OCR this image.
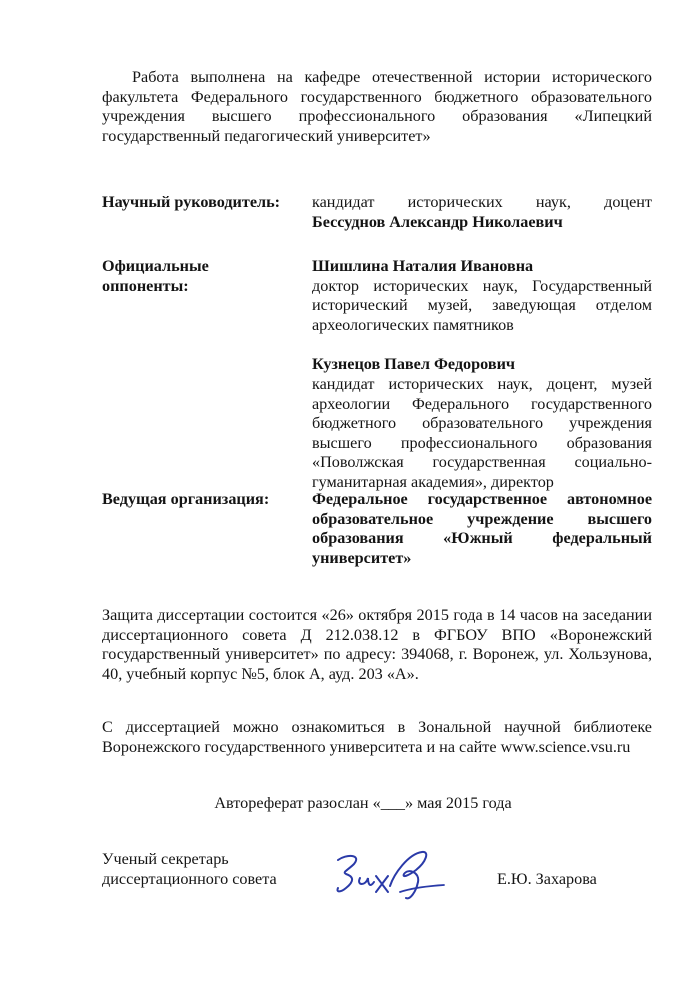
Работа выполнена на кафедре отечественной истории исторического факультета Федерального государственного бюджетного образовательного учреждения высшего профессионального образования «Липецкий государственный педагогический университет»

Научный руководитель: кандидат исторических наук, доцент
Бессуднов Александр Николаевич
Официальные
оппоненты:
Шишлина Наталия Ивановна
доктор исторических наук, Государственный исторический музей, заведующая отделом археологических памятников
Кузнецов Павел Федорович
кандидат исторических наук, доцент, музей археологии Федерального государственного бюджетного образовательного учреждения высшего профессионального образования «Поволжская государственная социально-гуманитарная академия», директор
Ведущая организация:	Федеральное государственное автономное образовательное учреждение высшего образования «Южный федеральный университет»

Защита диссертации состоится «26» октября 2015 года в 14 часов на заседании диссертационного совета Д 212.038.12 в ФГБОУ ВПО «Воронежский государственный университет» по адресу: 394068, г. Воронеж, ул. Хользунова, 40, учебный корпус №5, блок А, ауд. 203 «А».

С диссертацией можно ознакомиться в Зональной научной библиотеке Воронежского государственного университета и на сайте www.science.vsu.ru

Автореферат разослан «___» мая 2015 года
Ученый секретарь
диссертационного совета	Е.Ю. Захарова
